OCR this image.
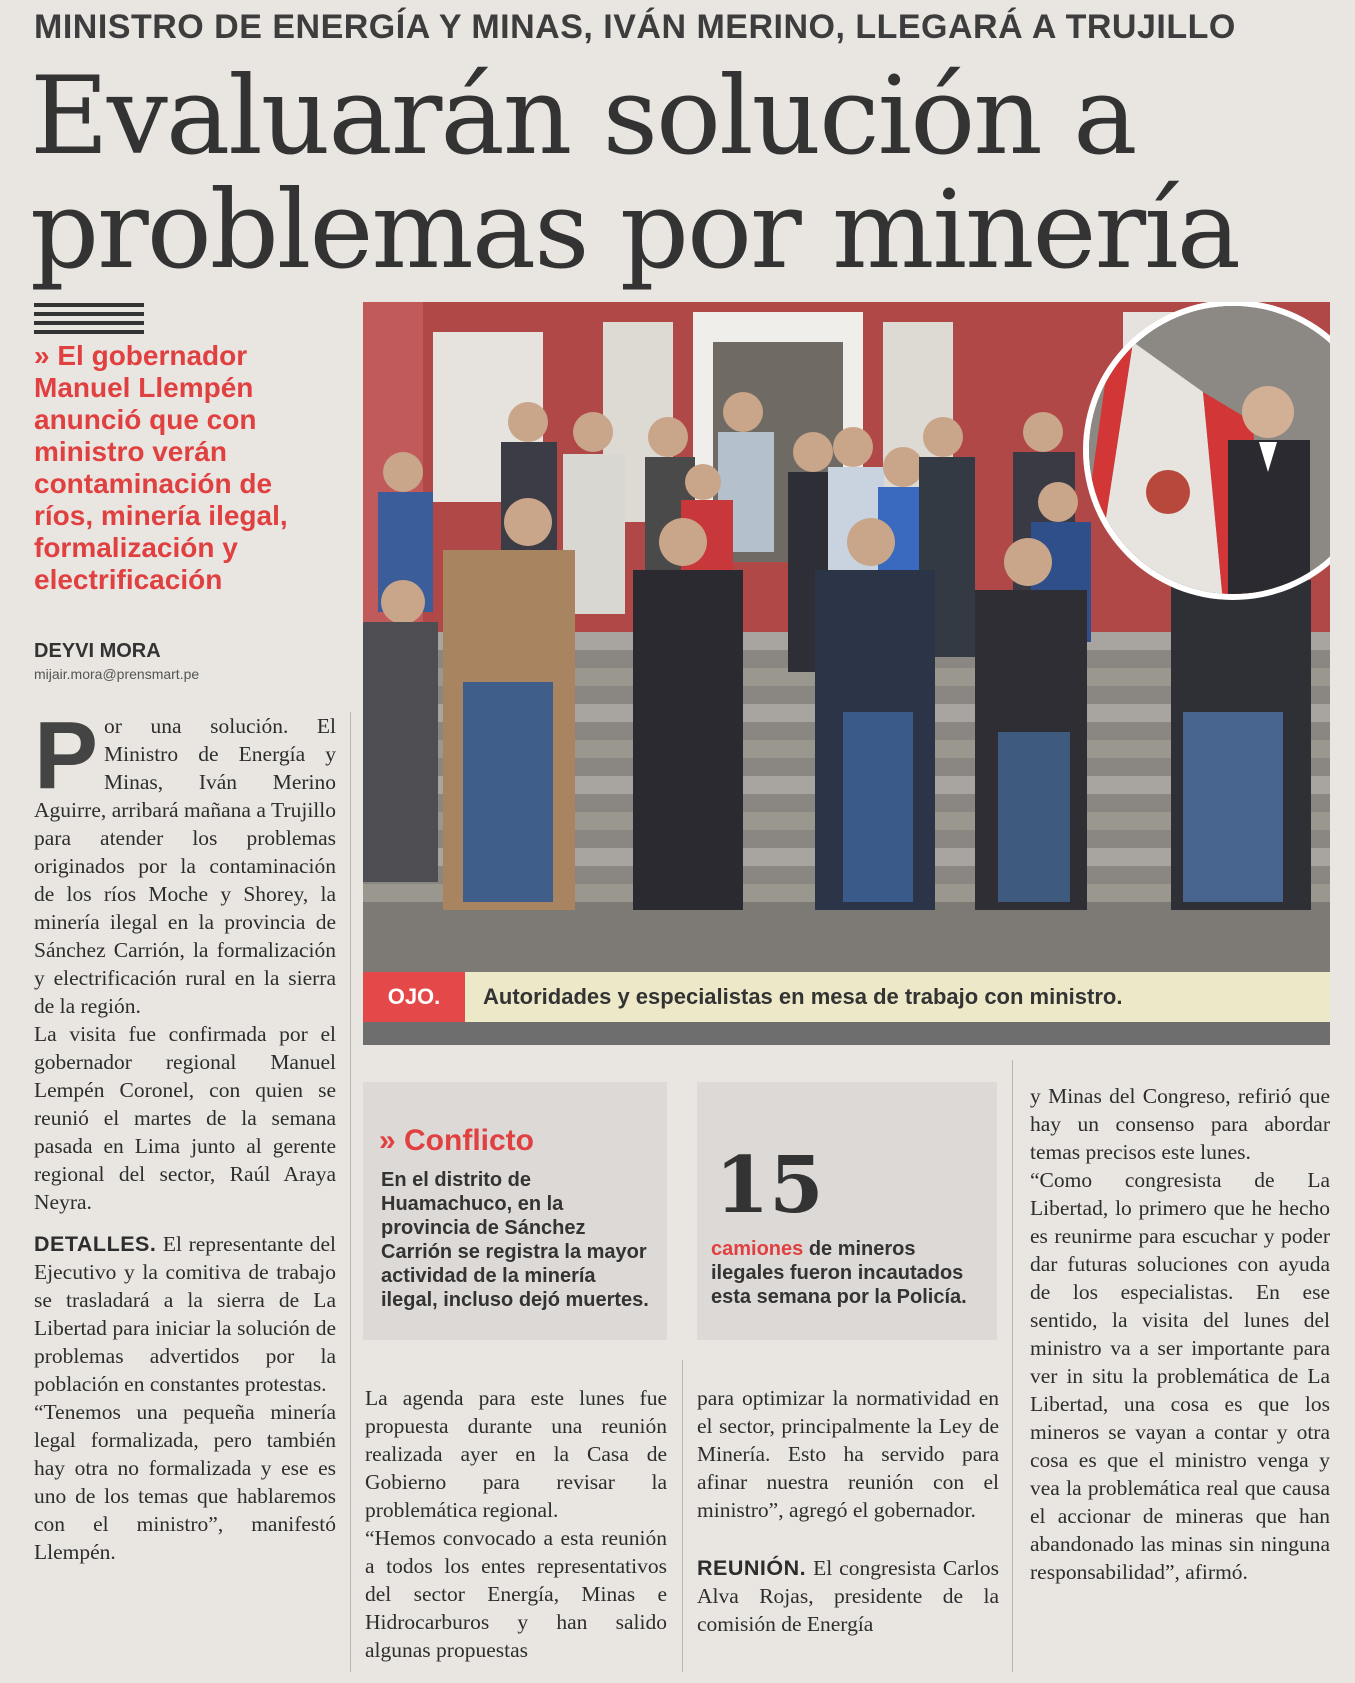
MINISTRO DE ENERGÍA Y MINAS, IVÁN MERINO, LLEGARÁ A TRUJILLO
Evaluarán solución a
problemas por minería
» El gobernador Manuel Llempén anunció que con ministro verán contaminación de ríos, minería ilegal, formalización y electrificación
DEYVI MORA
mijair.mora@prensmart.pe

Por una solución. El Ministro de Energía y Minas, Iván Merino Aguirre, arribará mañana a Trujillo para atender los problemas originados por la contaminación de los ríos Moche y Shorey, la minería ilegal en la provincia de Sánchez Carrión, la formalización y electrificación rural en la sierra de la región.

La visita fue confirmada por el gobernador regional Manuel Lempén Coronel, con quien se reunió el martes de la semana pasada en Lima junto al gerente regional del sector, Raúl Araya Neyra.

DETALLES. El representante del Ejecutivo y la comitiva de trabajo se trasladará a la sierra de La Libertad para iniciar la solución de problemas advertidos por la población en constantes protestas.

“Tenemos una pequeña minería legal formalizada, pero también hay otra no formalizada y ese es uno de los temas que hablaremos con el ministro”, manifestó Llempén.

OJO.	Autoridades y especialistas en mesa de trabajo con ministro.
» Conflicto
En el distrito de Huamachuco, en la provincia de Sánchez Carrión se registra la mayor actividad de la minería ilegal, incluso dejó muertes.
15
camiones de mineros ilegales fueron incautados esta semana por la Policía.

La agenda para este lunes fue propuesta durante una reunión realizada ayer en la Casa de Gobierno para revisar la problemática regional.

“Hemos convocado a esta reunión a todos los entes representativos del sector Energía, Minas e Hidrocarburos y han salido algunas propuestas

para optimizar la normatividad en el sector, principalmente la Ley de Minería. Esto ha servido para afinar nuestra reunión con el ministro”, agregó el gobernador.

REUNIÓN. El congresista Carlos Alva Rojas, presidente de la comisión de Energía

y Minas del Congreso, refirió que hay un consenso para abordar temas precisos este lunes.

“Como congresista de La Libertad, lo primero que he hecho es reunirme para escuchar y poder dar futuras soluciones con ayuda de los especialistas. En ese sentido, la visita del lunes del ministro va a ser importante para ver in situ la problemática de La Libertad, una cosa es que los mineros se vayan a contar y otra cosa es que el ministro venga y vea la problemática real que causa el accionar de mineras que han abandonado las minas sin ninguna responsabilidad”, afirmó.
